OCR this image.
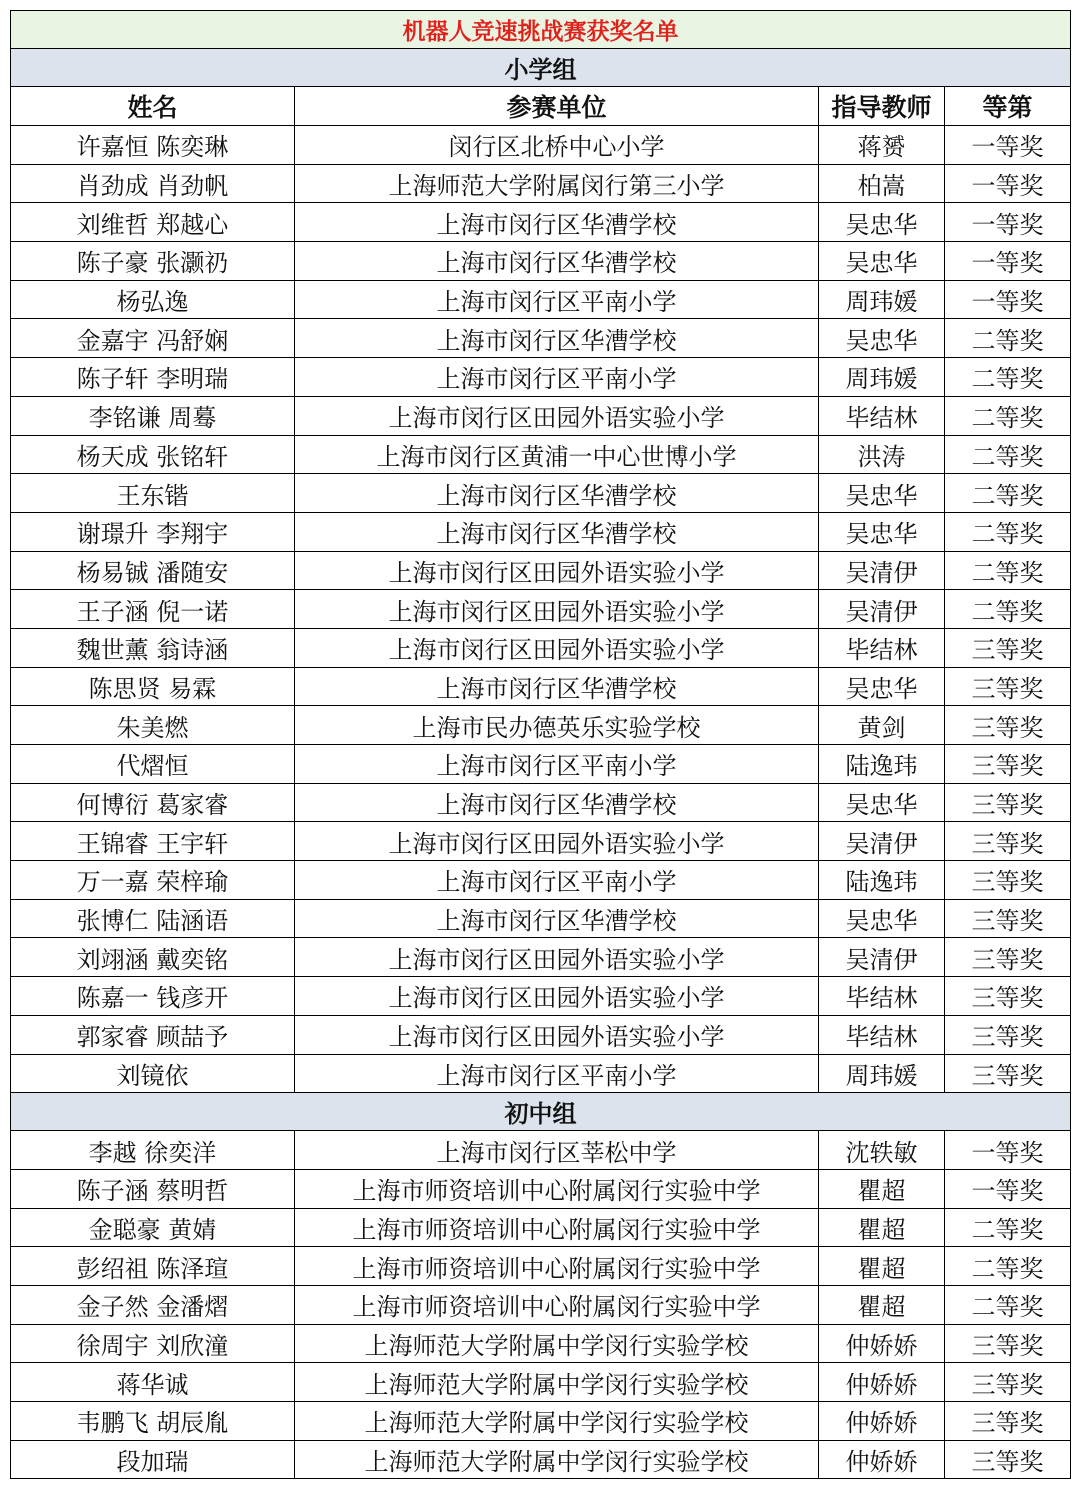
机器人竞速挑战赛获奖名单			
小学组			
姓名	参赛单位	指导教师	等第
许嘉恒 陈奕琳	闵行区北桥中心小学	蒋赟	一等奖
肖劲成 肖劲帆	上海师范大学附属闵行第三小学	柏嵩	一等奖
刘维哲 郑越心	上海市闵行区华漕学校	吴忠华	一等奖
陈子豪 张灏礽	上海市闵行区华漕学校	吴忠华	一等奖
杨弘逸	上海市闵行区平南小学	周玮媛	一等奖
金嘉宇 冯舒娴	上海市闵行区华漕学校	吴忠华	二等奖
陈子轩 李明瑞	上海市闵行区平南小学	周玮媛	二等奖
李铭谦 周蓦	上海市闵行区田园外语实验小学	毕结林	二等奖
杨天成 张铭轩	上海市闵行区黄浦一中心世博小学	洪涛	二等奖
王东锴	上海市闵行区华漕学校	吴忠华	二等奖
谢璟升 李翔宇	上海市闵行区华漕学校	吴忠华	二等奖
杨易铖 潘随安	上海市闵行区田园外语实验小学	吴清伊	二等奖
王子涵 倪一诺	上海市闵行区田园外语实验小学	吴清伊	二等奖
魏世薰 翁诗涵	上海市闵行区田园外语实验小学	毕结林	三等奖
陈思贤 易霖	上海市闵行区华漕学校	吴忠华	三等奖
朱美燃	上海市民办德英乐实验学校	黄剑	三等奖
代熠恒	上海市闵行区平南小学	陆逸玮	三等奖
何博衍 葛家睿	上海市闵行区华漕学校	吴忠华	三等奖
王锦睿 王宇轩	上海市闵行区田园外语实验小学	吴清伊	三等奖
万一嘉 荣梓瑜	上海市闵行区平南小学	陆逸玮	三等奖
张博仁 陆涵语	上海市闵行区华漕学校	吴忠华	三等奖
刘翊涵 戴奕铭	上海市闵行区田园外语实验小学	吴清伊	三等奖
陈嘉一 钱彦开	上海市闵行区田园外语实验小学	毕结林	三等奖
郭家睿 顾喆予	上海市闵行区田园外语实验小学	毕结林	三等奖
刘镜依	上海市闵行区平南小学	周玮媛	三等奖
初中组			
李越 徐奕洋	上海市闵行区莘松中学	沈轶敏	一等奖
陈子涵 蔡明哲	上海市师资培训中心附属闵行实验中学	瞿超	一等奖
金聪豪 黄婧	上海市师资培训中心附属闵行实验中学	瞿超	二等奖
彭绍祖 陈泽瑄	上海市师资培训中心附属闵行实验中学	瞿超	二等奖
金子然 金潘熠	上海市师资培训中心附属闵行实验中学	瞿超	二等奖
徐周宇 刘欣潼	上海师范大学附属中学闵行实验学校	仲娇娇	三等奖
蒋华诚	上海师范大学附属中学闵行实验学校	仲娇娇	三等奖
韦鹏飞 胡辰胤	上海师范大学附属中学闵行实验学校	仲娇娇	三等奖
段加瑞	上海师范大学附属中学闵行实验学校	仲娇娇	三等奖
